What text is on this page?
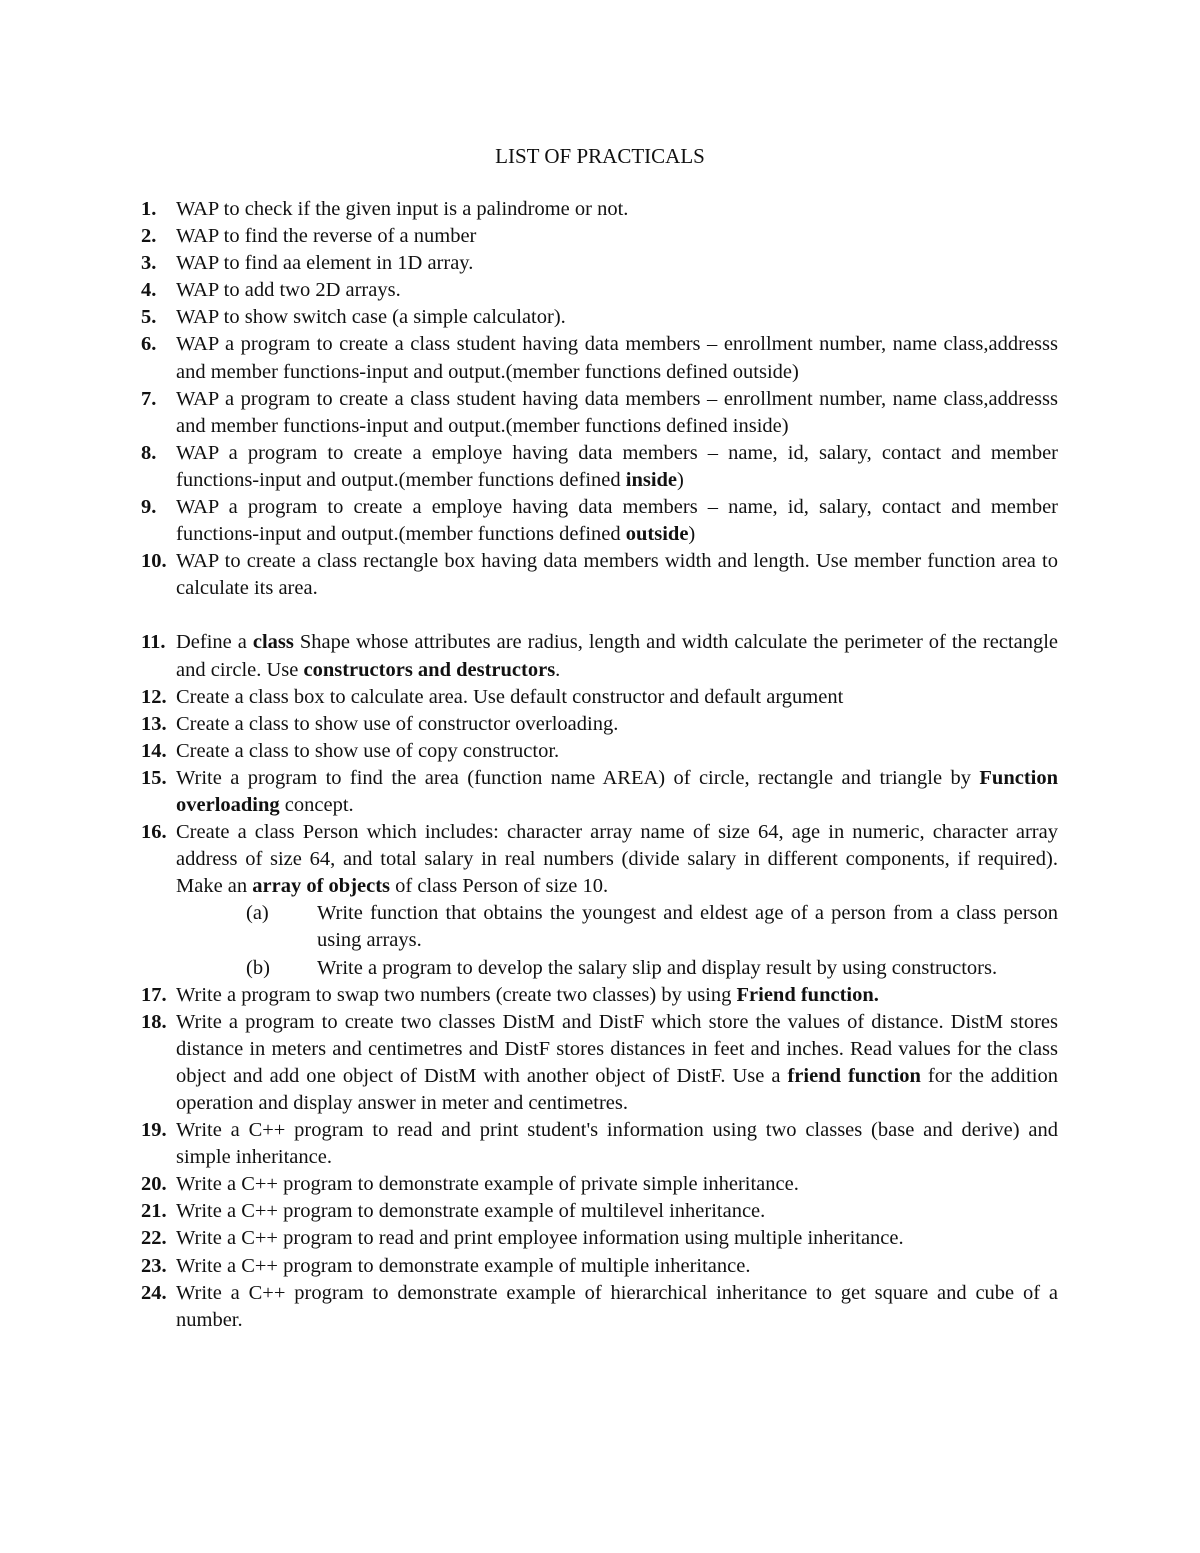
LIST OF PRACTICALS
1. WAP to check if the given input is a palindrome or not.
2. WAP to find the reverse of a number
3. WAP to find aa element in 1D array.
4. WAP to add two 2D arrays.
5. WAP to show switch case (a simple calculator).
6. WAP a program to create a class student having data members – enrollment number, name class,addresss and member functions-input and output.(member functions defined outside)
7. WAP a program to create a class student having data members – enrollment number, name class,addresss and member functions-input and output.(member functions defined inside)
8. WAP a program to create a employe having data members – name, id, salary, contact and member functions-input and output.(member functions defined inside)
9. WAP a program to create a employe having data members – name, id, salary, contact and member functions-input and output.(member functions defined outside)
10. WAP to create a class rectangle box having data members width and length. Use member function area to calculate its area.
11. Define a class Shape whose attributes are radius, length and width calculate the perimeter of the rectangle and circle. Use constructors and destructors.
12. Create a class box to calculate area. Use default constructor and default argument
13. Create a class to show use of constructor overloading.
14. Create a class to show use of copy constructor.
15. Write a program to find the area (function name AREA) of circle, rectangle and triangle by Function overloading concept.
16. Create a class Person which includes: character array name of size 64, age in numeric, character array address of size 64, and total salary in real numbers (divide salary in different components, if required). Make an array of objects of class Person of size 10.
(a) Write function that obtains the youngest and eldest age of a person from a class person using arrays.
(b) Write a program to develop the salary slip and display result by using constructors.
17. Write a program to swap two numbers (create two classes) by using Friend function.
18. Write a program to create two classes DistM and DistF which store the values of distance. DistM stores distance in meters and centimetres and DistF stores distances in feet and inches. Read values for the class object and add one object of DistM with another object of DistF. Use a friend function for the addition operation and display answer in meter and centimetres.
19. Write a C++ program to read and print student's information using two classes (base and derive) and simple inheritance.
20. Write a C++ program to demonstrate example of private simple inheritance.
21. Write a C++ program to demonstrate example of multilevel inheritance.
22. Write a C++ program to read and print employee information using multiple inheritance.
23. Write a C++ program to demonstrate example of multiple inheritance.
24. Write a C++ program to demonstrate example of hierarchical inheritance to get square and cube of a number.
